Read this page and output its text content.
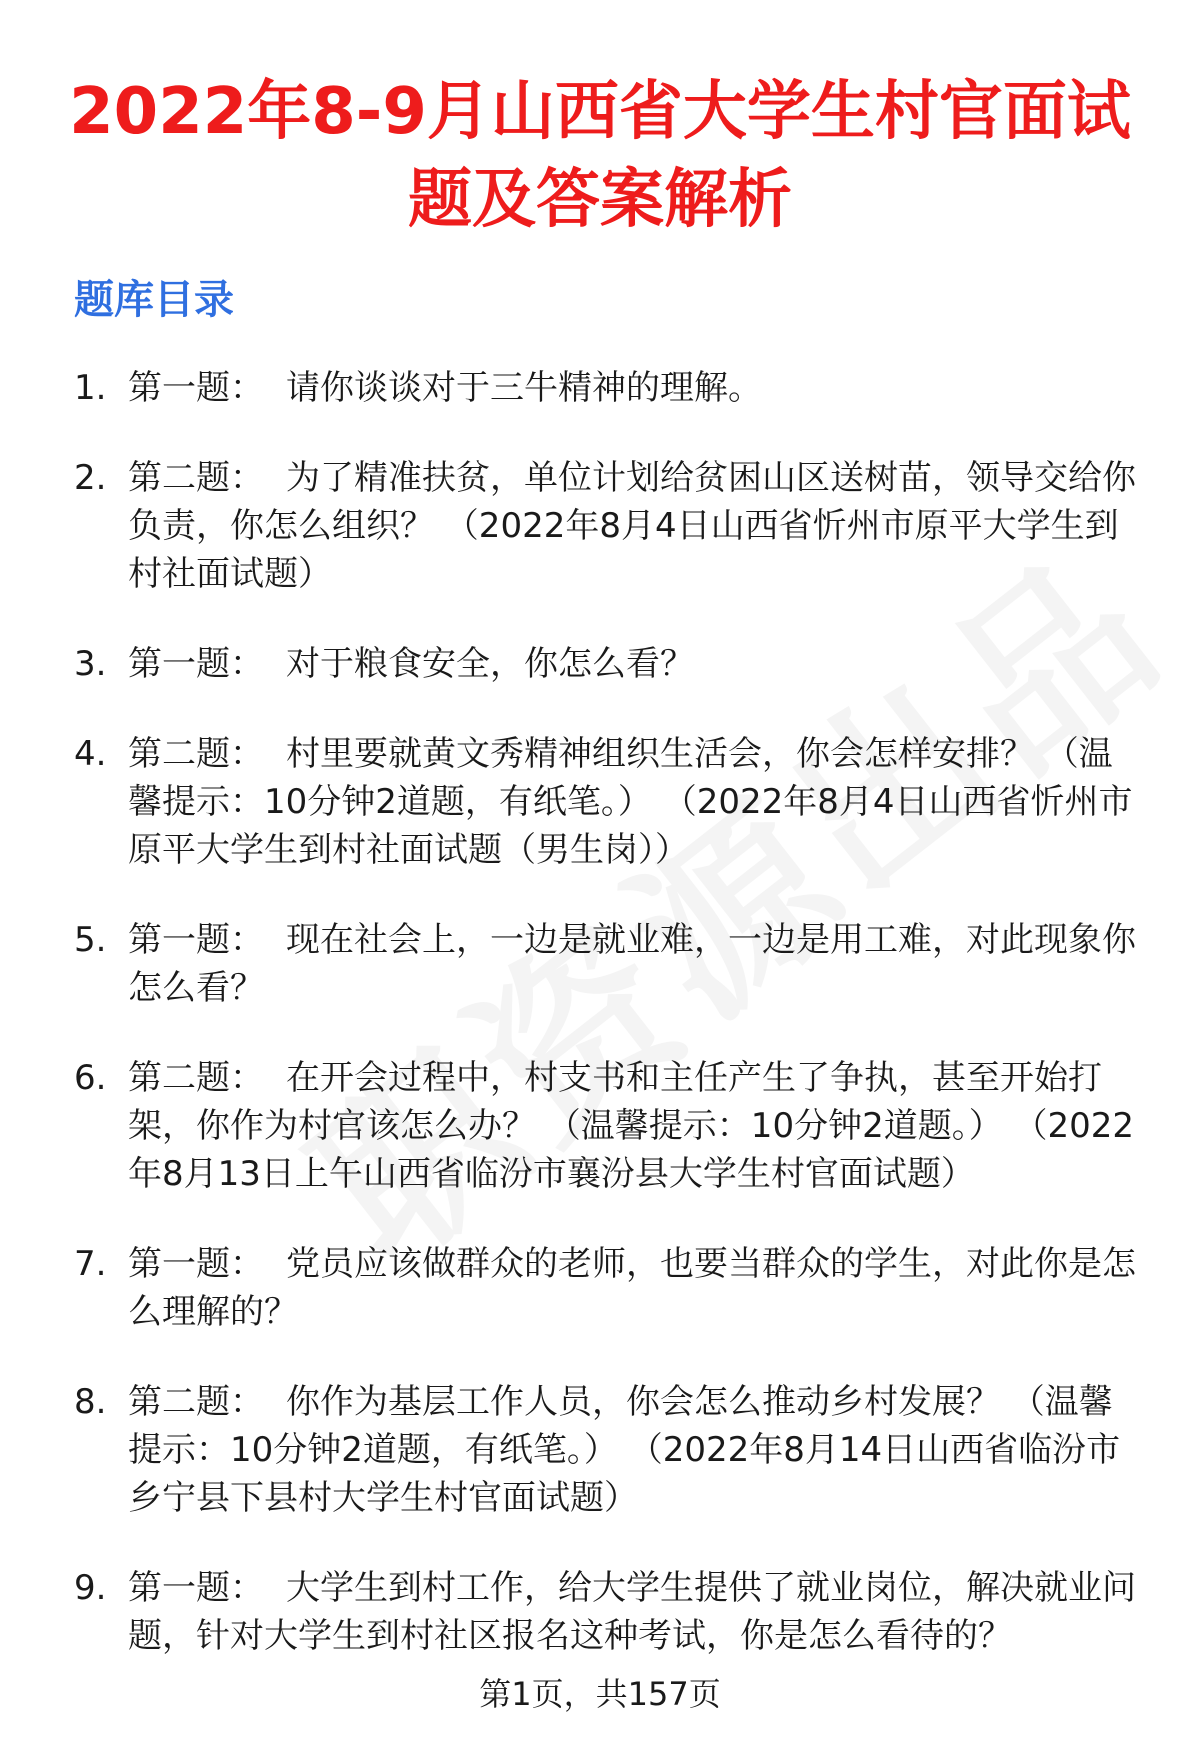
2022年8-9月山西省大学生村官面试题及答案解析
题库目录
1. 第一题： 请你谈谈对于三牛精神的理解。
2. 第二题： 为了精准扶贫，单位计划给贫困山区送树苗，领导交给你负责，你怎么组织？ （2022年8月4日山西省忻州市原平大学生到村社面试题）
3. 第一题： 对于粮食安全，你怎么看？
4. 第二题： 村里要就黄文秀精神组织生活会，你会怎样安排？ （温馨提示：10分钟2道题，有纸笔。） （2022年8月4日山西省忻州市原平大学生到村社面试题（男生岗））
5. 第一题： 现在社会上，一边是就业难，一边是用工难，对此现象你怎么看？
6. 第二题： 在开会过程中，村支书和主任产生了争执，甚至开始打架，你作为村官该怎么办？ （温馨提示：10分钟2道题。） （2022年8月13日上午山西省临汾市襄汾县大学生村官面试题）
7. 第一题： 党员应该做群众的老师，也要当群众的学生，对此你是怎么理解的？
8. 第二题： 你作为基层工作人员，你会怎么推动乡村发展？ （温馨提示：10分钟2道题，有纸笔。） （2022年8月14日山西省临汾市乡宁县下县村大学生村官面试题）
9. 第一题： 大学生到村工作，给大学生提供了就业岗位，解决就业问题，针对大学生到村社区报名这种考试，你是怎么看待的？
第1页，共157页
